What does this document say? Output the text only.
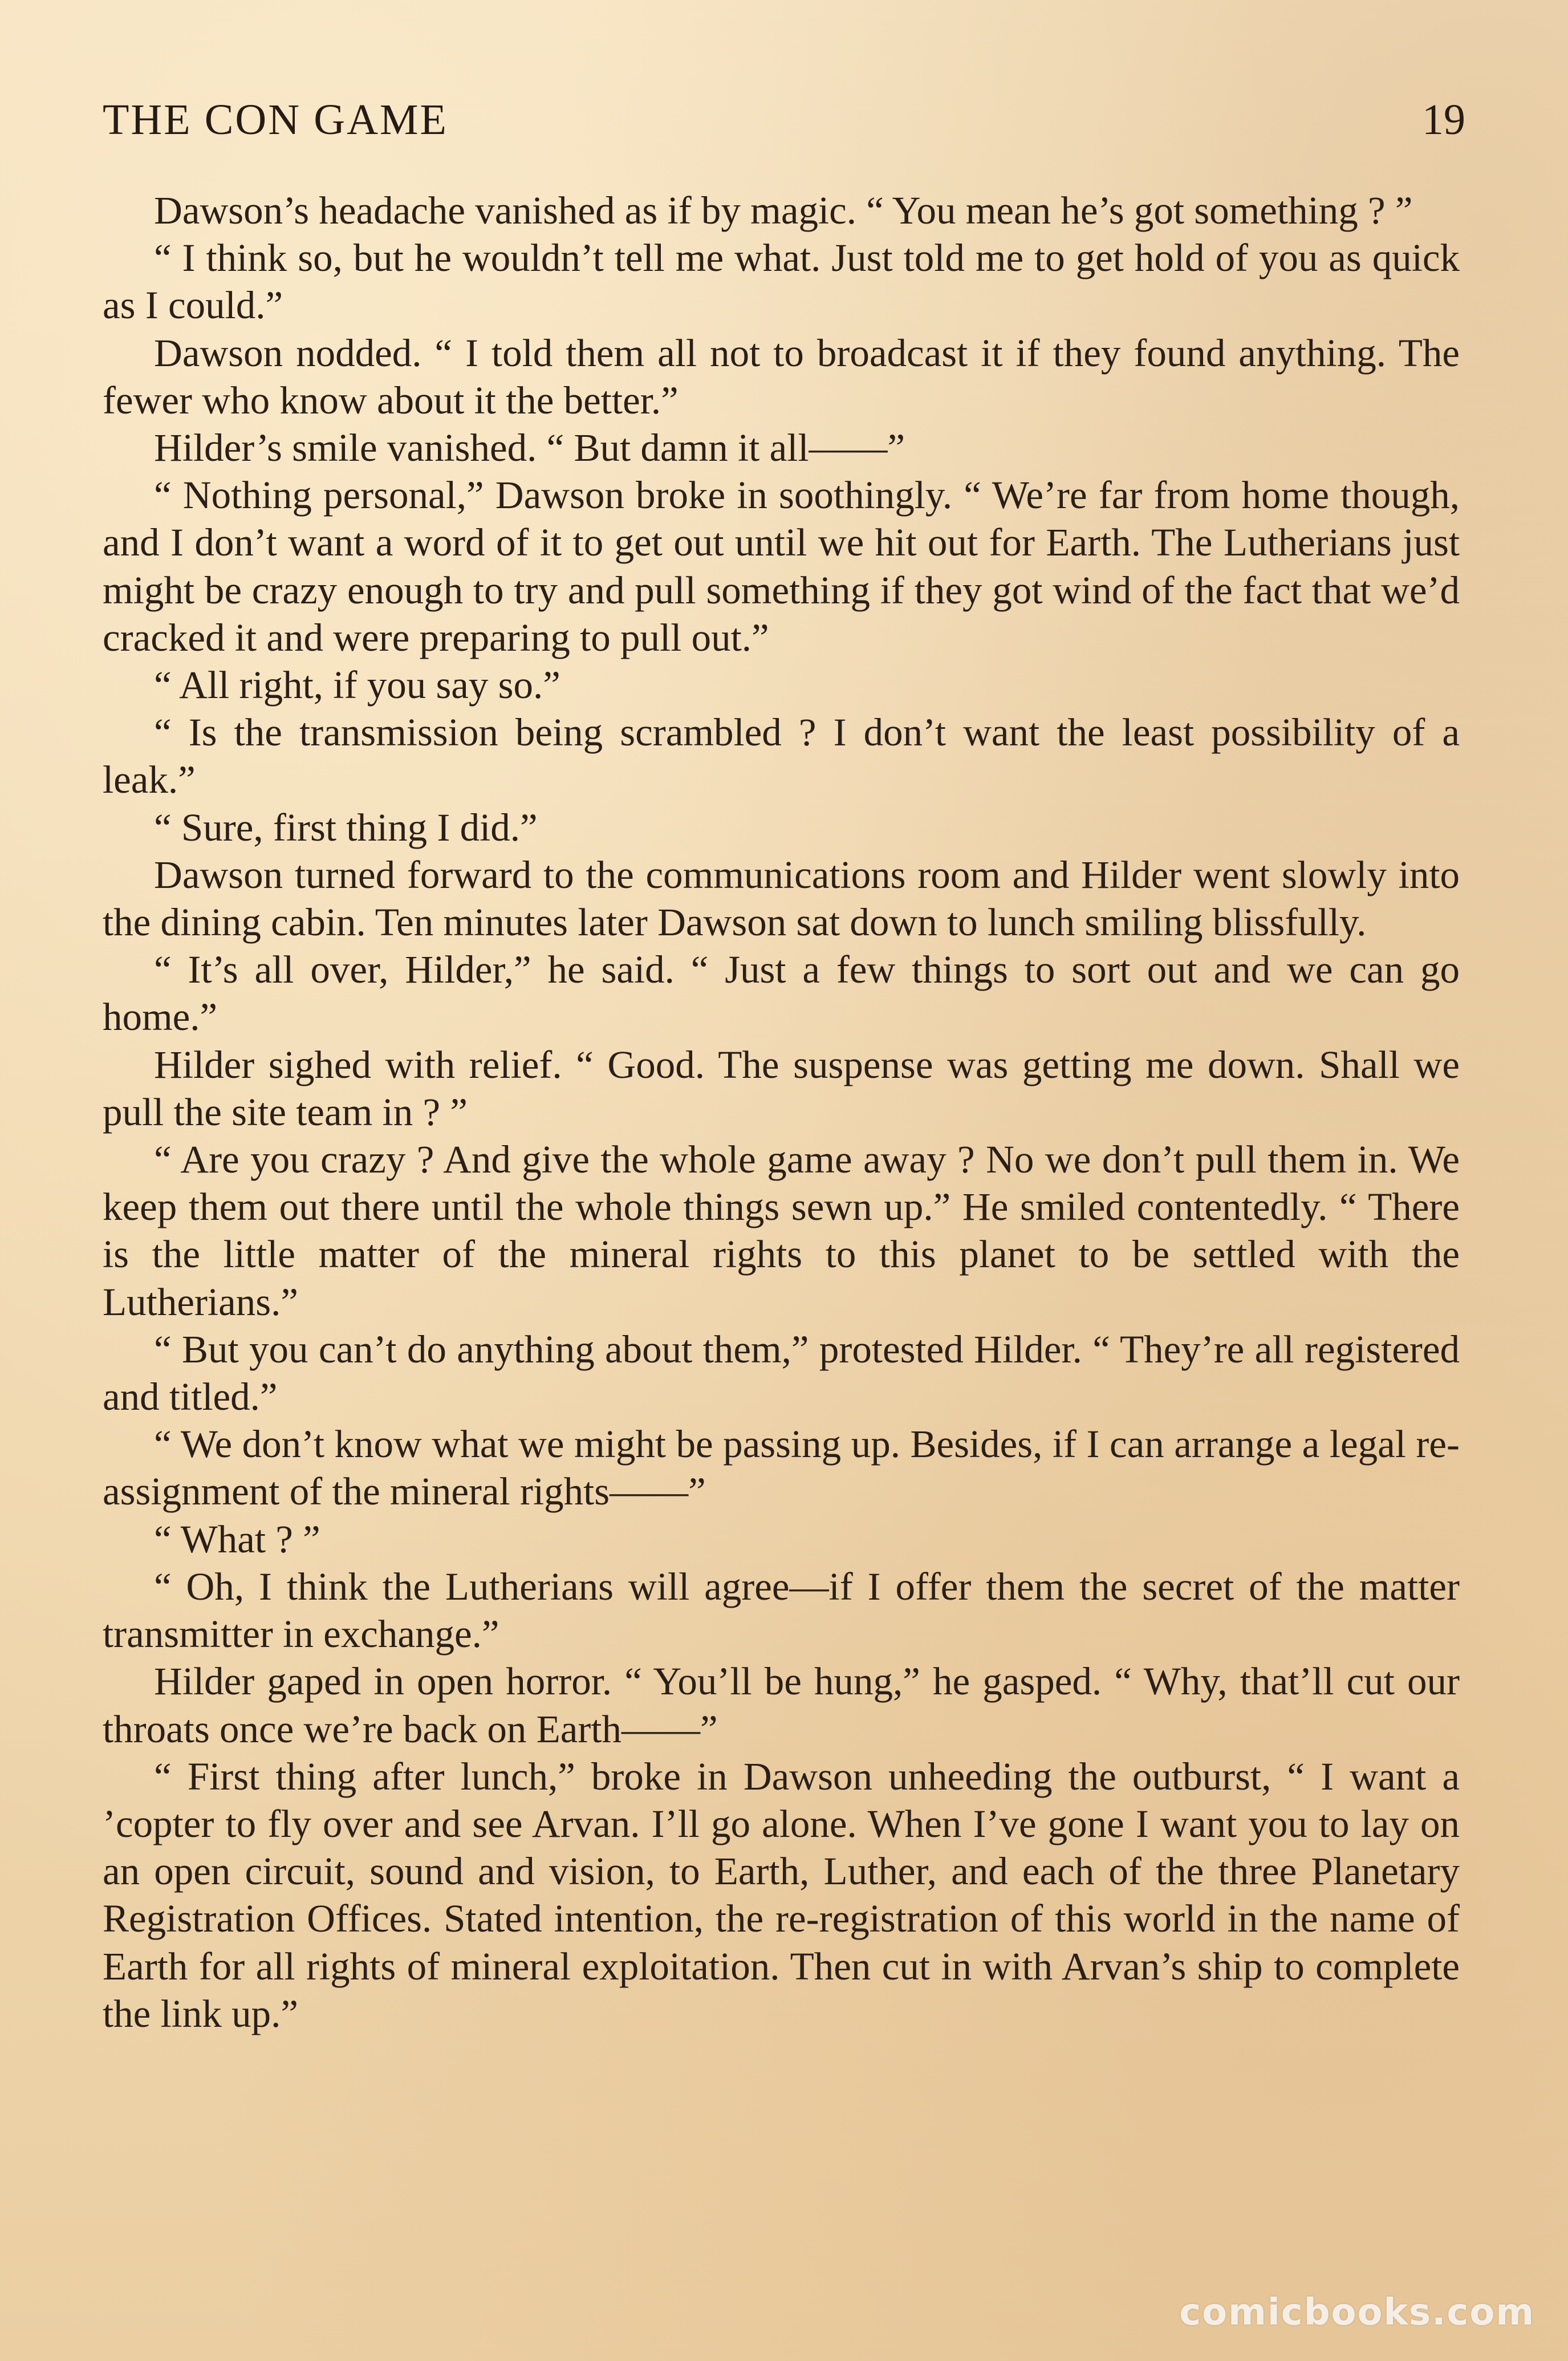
THE CON GAME	19

Dawson’s headache vanished as if by magic. “ You mean he’s got something ? ”

“ I think so, but he wouldn’t tell me what. Just told me to get hold of you as quick as I could.”

Dawson nodded. “ I told them all not to broadcast it if they found anything. The fewer who know about it the better.”

Hilder’s smile vanished. “ But damn it all——”

“ Nothing personal,” Dawson broke in soothingly. “ We’re far from home though, and I don’t want a word of it to get out until we hit out for Earth. The Lutherians just might be crazy enough to try and pull something if they got wind of the fact that we’d cracked it and were preparing to pull out.”

“ All right, if you say so.”

“ Is the transmission being scrambled ? I don’t want the least possibility of a leak.”

“ Sure, first thing I did.”

Dawson turned forward to the communications room and Hilder went slowly into the dining cabin. Ten minutes later Dawson sat down to lunch smiling blissfully.

“ It’s all over, Hilder,” he said. “ Just a few things to sort out and we can go home.”

Hilder sighed with relief. “ Good. The suspense was getting me down. Shall we pull the site team in ? ”

“ Are you crazy ? And give the whole game away ? No we don’t pull them in. We keep them out there until the whole things sewn up.” He smiled contentedly. “ There is the little matter of the mineral rights to this planet to be settled with the Lutherians.”

“ But you can’t do anything about them,” protested Hilder. “ They’re all registered and titled.”

“ We don’t know what we might be passing up. Besides, if I can arrange a legal re-assignment of the mineral rights——”

“ What ? ”

“ Oh, I think the Lutherians will agree—if I offer them the secret of the matter transmitter in exchange.”

Hilder gaped in open horror. “ You’ll be hung,” he gasped. “ Why, that’ll cut our throats once we’re back on Earth——”

“ First thing after lunch,” broke in Dawson unheeding the outburst, “ I want a ’copter to fly over and see Arvan. I’ll go alone. When I’ve gone I want you to lay on an open circuit, sound and vision, to Earth, Luther, and each of the three Planetary Registration Offices. Stated intention, the re-registration of this world in the name of Earth for all rights of mineral exploitation. Then cut in with Arvan’s ship to complete the link up.”

comicbooks.com
